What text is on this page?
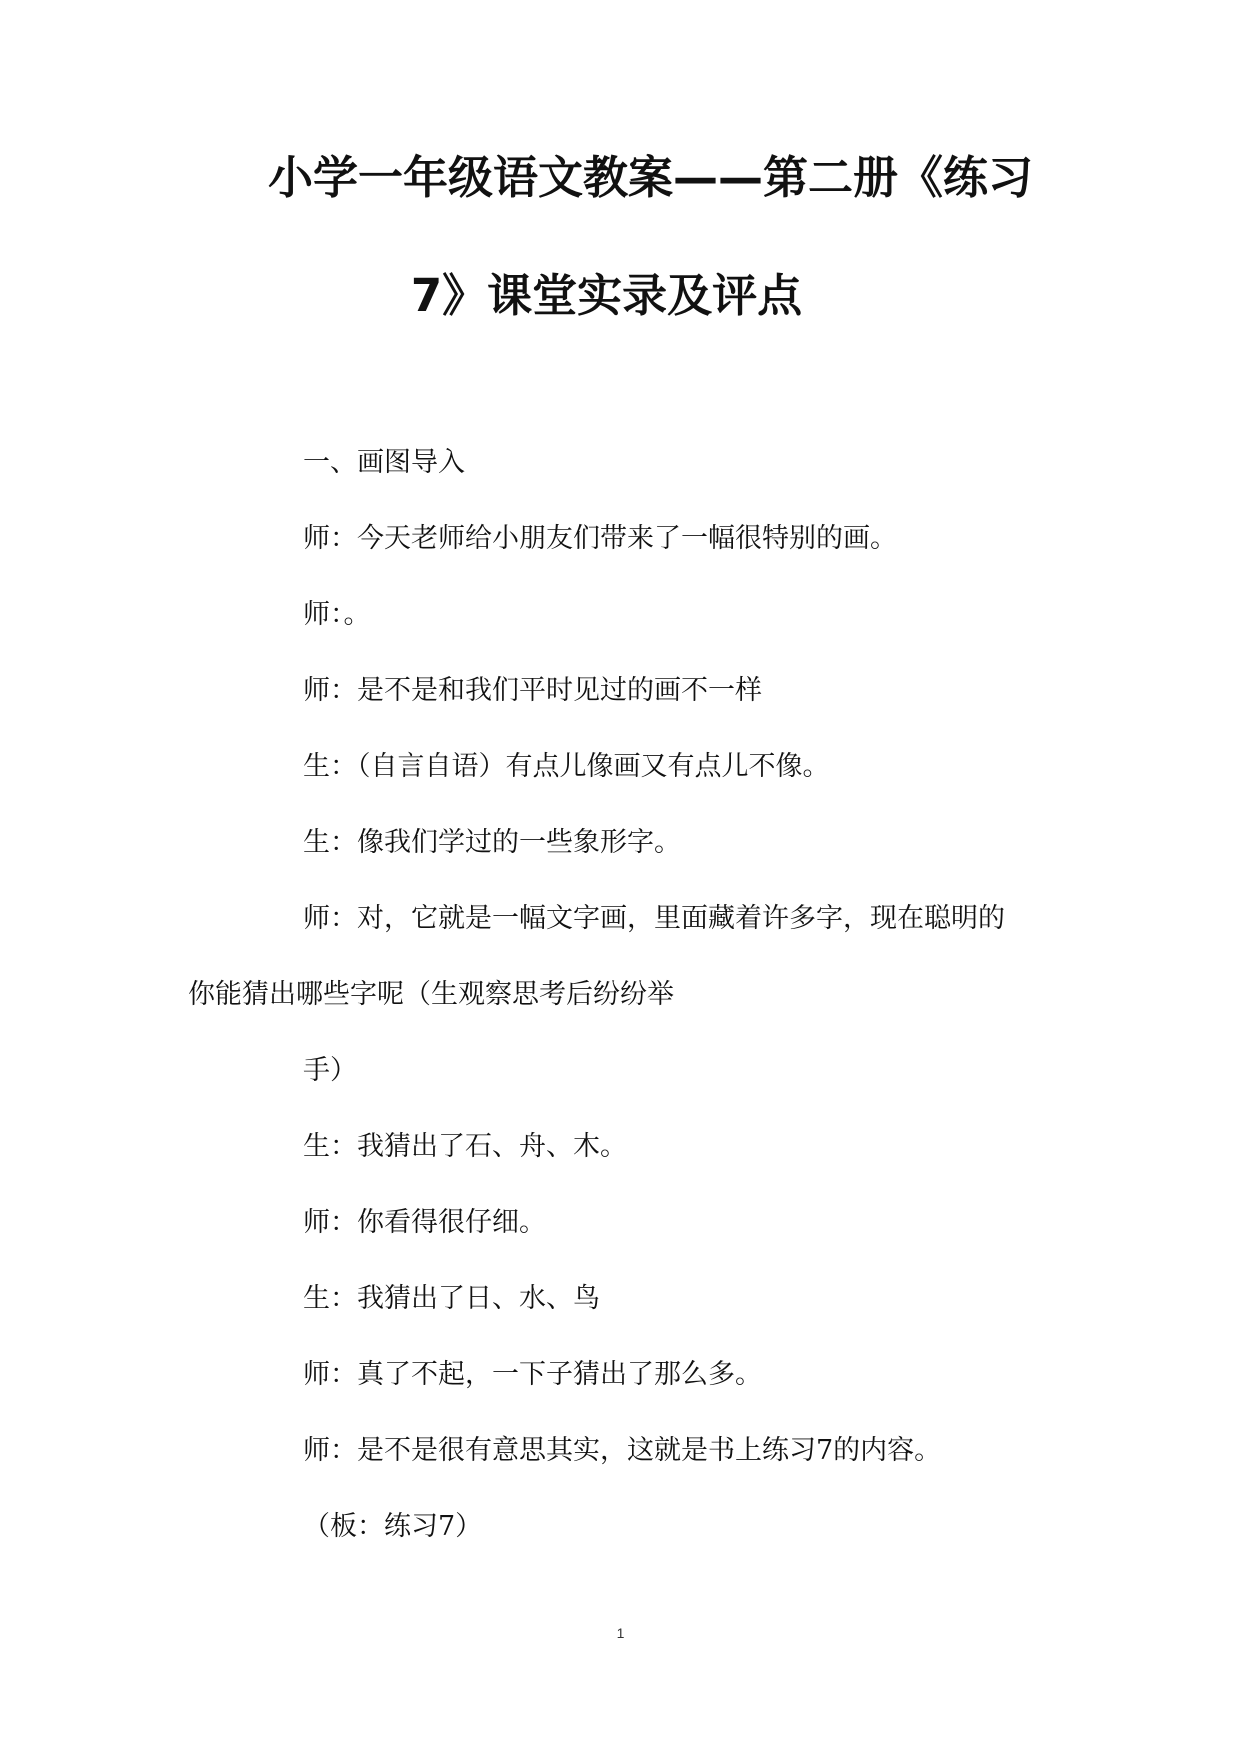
小学一年级语文教案——第二册《练习
7》课堂实录及评点
一、画图导入
师：今天老师给小朋友们带来了一幅很特别的画。
师：。
师：是不是和我们平时见过的画不一样
生：（自言自语）有点儿像画又有点儿不像。
生：像我们学过的一些象形字。
师：对，它就是一幅文字画，里面藏着许多字，现在聪明的
你能猜出哪些字呢（生观察思考后纷纷举
手）
生：我猜出了石、舟、木。
师：你看得很仔细。
生：我猜出了日、水、鸟
师：真了不起，一下子猜出了那么多。
师：是不是很有意思其实，这就是书上练习7的内容。
（板：练习7）
1
